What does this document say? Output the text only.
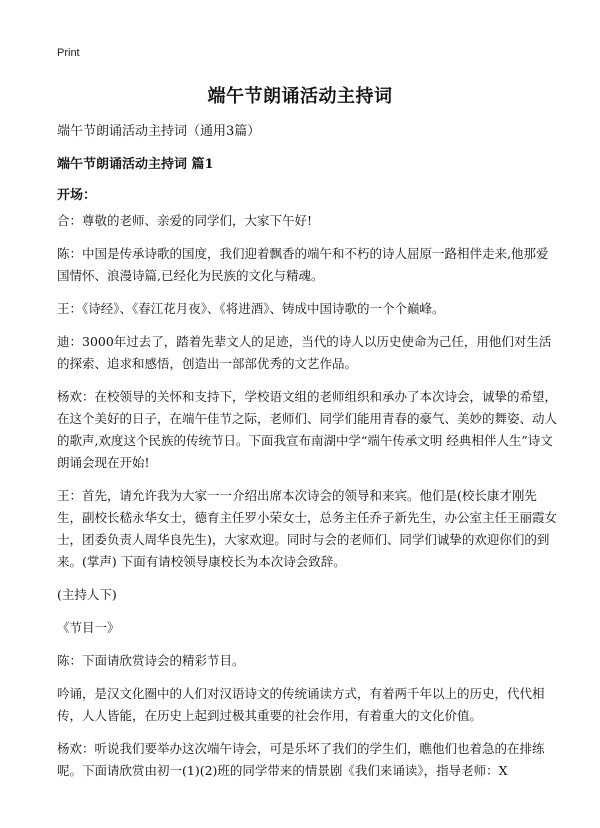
Print
端午节朗诵活动主持词
端午节朗诵活动主持词（通用3篇）
端午节朗诵活动主持词 篇1
开场：

合：尊敬的老师、亲爱的同学们，大家下午好!

陈：中国是传承诗歌的国度，我们迎着飘香的端午和不朽的诗人屈原一路相伴走来,他那爱国情怀、浪漫诗篇,已经化为民族的文化与精魂。

王：《诗经》、《春江花月夜》、《将进酒》、铸成中国诗歌的一个个巅峰。

迪：3000年过去了，踏着先辈文人的足迹，当代的诗人以历史使命为己任，用他们对生活的探索、追求和感悟，创造出一部部优秀的文艺作品。

杨欢：在校领导的关怀和支持下，学校语文组的老师组织和承办了本次诗会，诚挚的希望，在这个美好的日子，在端午佳节之际，老师们、同学们能用青春的豪气、美妙的舞姿、动人的歌声,欢度这个民族的传统节日。下面我宣布南湖中学“端午传承文明 经典相伴人生”诗文朗诵会现在开始!

王：首先，请允许我为大家一一介绍出席本次诗会的领导和来宾。他们是(校长康才刚先生，副校长嵇永华女士，德育主任罗小荣女士，总务主任乔子新先生，办公室主任王丽霞女士，团委负责人周华良先生)，大家欢迎。同时与会的老师们、同学们诚挚的欢迎你们的到来。(掌声) 下面有请校领导康校长为本次诗会致辞。

(主持人下)

《节目一》

陈：下面请欣赏诗会的精彩节目。

吟诵，是汉文化圈中的人们对汉语诗文的传统诵读方式，有着两千年以上的历史，代代相传，人人皆能，在历史上起到过极其重要的社会作用，有着重大的文化价值。

杨欢：听说我们要举办这次端午诗会，可是乐坏了我们的学生们，瞧他们也着急的在排练呢。下面请欣赏由初一(1)(2)班的同学带来的情景剧《我们来诵读》，指导老师：X
